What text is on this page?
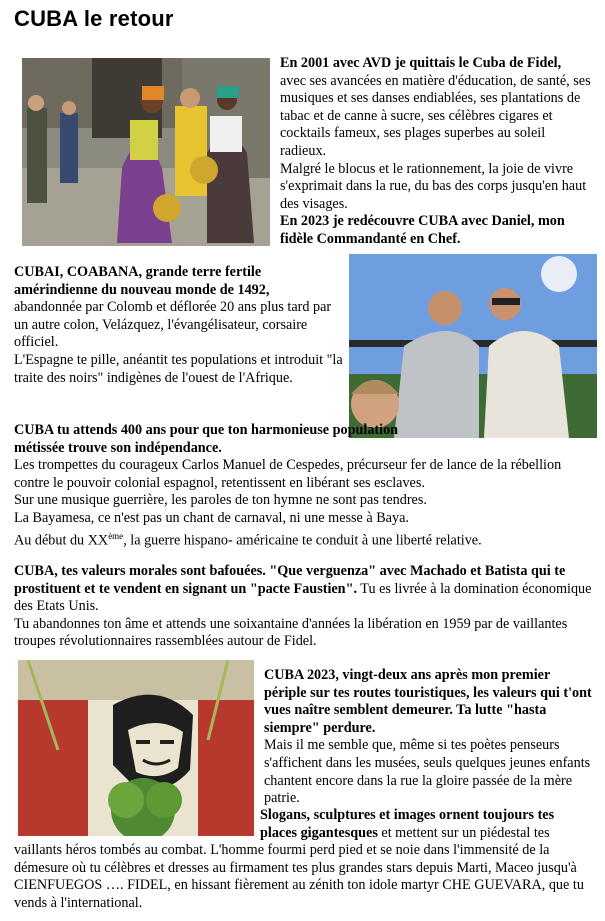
CUBA le retour

En 2001 avec AVD je quittais le Cuba de Fidel,

avec ses avancées en matière d'éducation, de santé, ses musiques et ses danses endiablées, ses plantations de tabac et de canne à sucre, ses célèbres cigares et cocktails fameux, ses plages superbes au soleil radieux.

Malgré le blocus et le rationnement, la joie de vivre s'exprimait dans la rue, du bas des corps jusqu'en haut des visages.

En 2023 je redécouvre CUBA avec Daniel, mon fidèle Commandanté en Chef.

CUBAI, COABANA, grande terre fertile amérindienne du nouveau monde de 1492,

abandonnée par Colomb et déflorée 20 ans plus tard par un autre colon, Velázquez, l'évangélisateur, corsaire officiel.

L'Espagne te pille, anéantit tes populations et introduit "la traite des noirs" indigènes de l'ouest de l'Afrique.

CUBA tu attends 400 ans pour que ton harmonieuse population métissée trouve son indépendance.

Les trompettes du courageux Carlos Manuel de Cespedes, précurseur fer de lance de la rébellion contre le pouvoir colonial espagnol, retentissent en libérant ses esclaves.

Sur une musique guerrière, les paroles de ton hymne ne sont pas tendres.

La Bayamesa, ce n'est pas un chant de carnaval, ni une messe à Baya.

Au début du XXème, la guerre hispano- américaine te conduit à une liberté relative.

CUBA, tes valeurs morales sont bafouées. "Que verguenza" avec Machado et Batista qui te prostituent et te vendent en signant un "pacte Faustien". Tu es livrée à la domination économique des Etats Unis.

Tu abandonnes ton âme et attends une soixantaine d'années la libération en 1959 par de vaillantes troupes révolutionnaires rassemblées autour de Fidel.

CUBA 2023, vingt-deux ans après mon premier périple sur tes routes touristiques, les valeurs qui t'ont vues naître semblent demeurer. Ta lutte "hasta siempre" perdure.

Mais il me semble que, même si tes poètes penseurs s'affichent dans les musées, seuls quelques jeunes enfants chantent encore dans la rue la gloire passée de la mère patrie.

Slogans, sculptures et images ornent toujours tes places gigantesques et mettent sur un piédestal tes vaillants héros tombés au combat. L'homme fourmi perd pied et se noie dans l'immensité de la démesure où tu célèbres et dresses au firmament tes plus grandes stars depuis Marti, Maceo jusqu'à CIENFUEGOS …. FIDEL, en hissant fièrement au zénith ton idole martyr CHE GUEVARA, que tu vends à l'international.
